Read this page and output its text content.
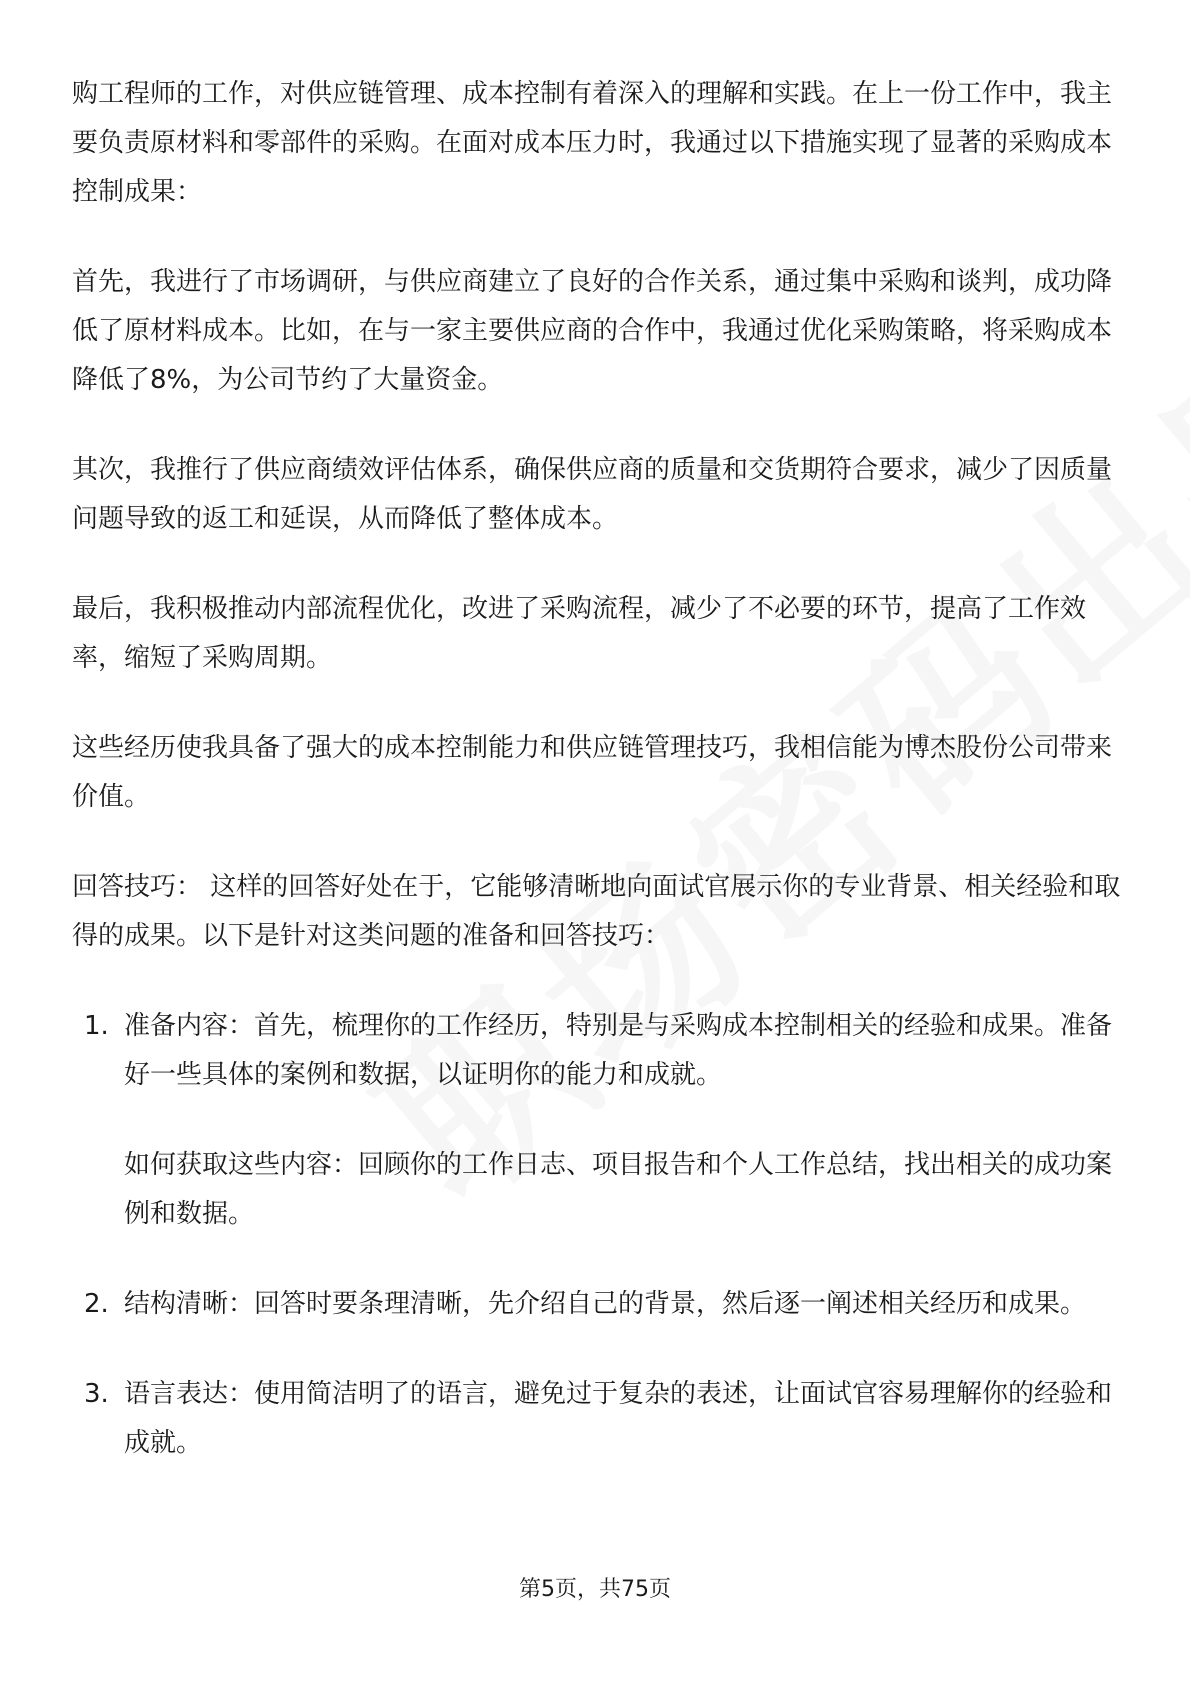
购工程师的工作，对供应链管理、成本控制有着深入的理解和实践。在上一份工作中，我主要负责原材料和零部件的采购。在面对成本压力时，我通过以下措施实现了显著的采购成本控制成果：

首先，我进行了市场调研，与供应商建立了良好的合作关系，通过集中采购和谈判，成功降低了原材料成本。比如，在与一家主要供应商的合作中，我通过优化采购策略，将采购成本降低了8%，为公司节约了大量资金。

其次，我推行了供应商绩效评估体系，确保供应商的质量和交货期符合要求，减少了因质量问题导致的返工和延误，从而降低了整体成本。

最后，我积极推动内部流程优化，改进了采购流程，减少了不必要的环节，提高了工作效率，缩短了采购周期。

这些经历使我具备了强大的成本控制能力和供应链管理技巧，我相信能为博杰股份公司带来价值。

回答技巧： 这样的回答好处在于，它能够清晰地向面试官展示你的专业背景、相关经验和取得的成果。以下是针对这类问题的准备和回答技巧：

1. 准备内容：首先，梳理你的工作经历，特别是与采购成本控制相关的经验和成果。准备好一些具体的案例和数据，以证明你的能力和成就。

如何获取这些内容：回顾你的工作日志、项目报告和个人工作总结，找出相关的成功案例和数据。

2. 结构清晰：回答时要条理清晰，先介绍自己的背景，然后逐一阐述相关经历和成果。

3. 语言表达：使用简洁明了的语言，避免过于复杂的表述，让面试官容易理解你的经验和成就。

第5页，共75页
